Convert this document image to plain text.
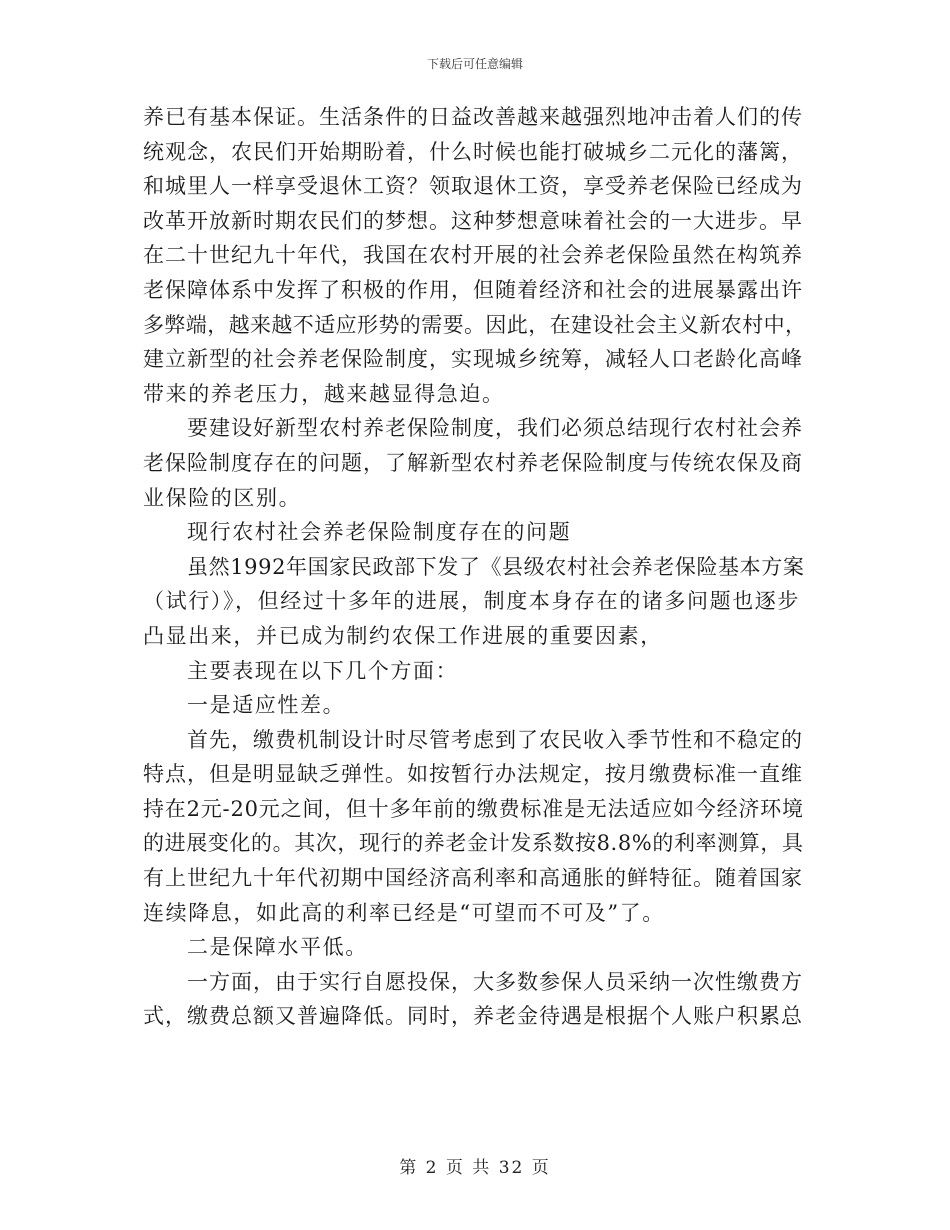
下载后可任意编辑
养已有基本保证。生活条件的日益改善越来越强烈地冲击着人们的传
统观念，农民们开始期盼着，什么时候也能打破城乡二元化的藩篱，
和城里人一样享受退休工资？领取退休工资，享受养老保险已经成为
改革开放新时期农民们的梦想。这种梦想意味着社会的一大进步。早
在二十世纪九十年代，我国在农村开展的社会养老保险虽然在构筑养
老保障体系中发挥了积极的作用，但随着经济和社会的进展暴露出许
多弊端，越来越不适应形势的需要。因此，在建设社会主义新农村中，
建立新型的社会养老保险制度，实现城乡统筹，减轻人口老龄化高峰
带来的养老压力，越来越显得急迫。
要建设好新型农村养老保险制度，我们必须总结现行农村社会养
老保险制度存在的问题，了解新型农村养老保险制度与传统农保及商
业保险的区别。
现行农村社会养老保险制度存在的问题
虽然1992年国家民政部下发了《县级农村社会养老保险基本方案
（试行）》，但经过十多年的进展，制度本身存在的诸多问题也逐步
凸显出来，并已成为制约农保工作进展的重要因素，
主要表现在以下几个方面：
一是适应性差。
首先，缴费机制设计时尽管考虑到了农民收入季节性和不稳定的
特点，但是明显缺乏弹性。如按暂行办法规定，按月缴费标准一直维
持在2元-20元之间，但十多年前的缴费标准是无法适应如今经济环境
的进展变化的。其次，现行的养老金计发系数按8.8%的利率测算，具
有上世纪九十年代初期中国经济高利率和高通胀的鲜特征。随着国家
连续降息，如此高的利率已经是“可望而不可及”了。
二是保障水平低。
一方面，由于实行自愿投保，大多数参保人员采纳一次性缴费方
式，缴费总额又普遍降低。同时，养老金待遇是根据个人账户积累总
第 2 页 共 32 页
